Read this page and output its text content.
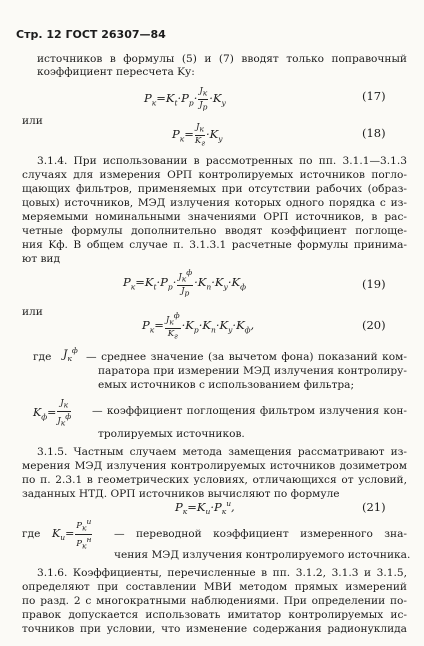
Стр. 12 ГОСТ 26307—84
источников в формулы (5) и (7) вводят только поправочный
коэффициент пересчета Kу:
$P_к=K_t\cdot P_p\cdot$
$J_к$
$J_p$
$\cdot K_у$	(17)
или
$P_к=$
$J_к$
$K_г$
$\cdot K_у$	(18)
3.1.4. При использовании в рассмотренных по пп. 3.1.1—3.1.3
случаях для измерения ОРП контролируемых источников поглo-
щающих фильтров, применяемых при отсутствии рабочих (образ-
цовых) источников, МЭД излучения которых одного порядка с из-
меряемыми номинальными значениями ОРП источников, в рас-
четные формулы дополнительно вводят коэффициент поглоще-
ния Kф. В общем случае п. 3.1.3.1 расчетные формулы принима-
ют вид
$P_к=K_t\cdot P_p\cdot J_к^ф$
$J_p$
$\cdot K_п\cdot K_у\cdot K_ф$	(19)
или
$P_к= J_к^ф$
$K_г$
$\cdot K_р\cdot K_п\cdot K_у\cdot K_ф$,	(20)
где $J_к^ф$
— среднее значение (за вычетом фона) показаний ком-
паратора при измерении МЭД излучения контролиру-
емых источников с использованием фильтра;
$K_ф=$
$J_к$
$J_к^ф$ — коэффициент поглощения фильтром излучения кон-
тролируемых источников.
3.1.5. Частным случаем метода замещения рассматривают из-
мерения МЭД излучения контролируемых источников дозиметром
по п. 2.3.1 в геометрических условиях, отличающихся от условий,
заданных НТД. ОРП источников вычисляют по формуле
$P_к=K_и\cdot P_к^и$,	(21)
где $K_и=$
$P_к^и$
$P_к^н$ — переводной коэффициент измеренного зна-
чения МЭД излучения контролируемого источника.
3.1.6. Коэффициенты, перечисленные в пп. 3.1.2, 3.1.3 и 3.1.5,
определяют при составлении МВИ методом прямых измерений
по разд. 2 с многократными наблюдениями. При определении по-
правок допускается использовать имитатор контролируемых ис-
точников при условии, что изменение содержания радионуклида
